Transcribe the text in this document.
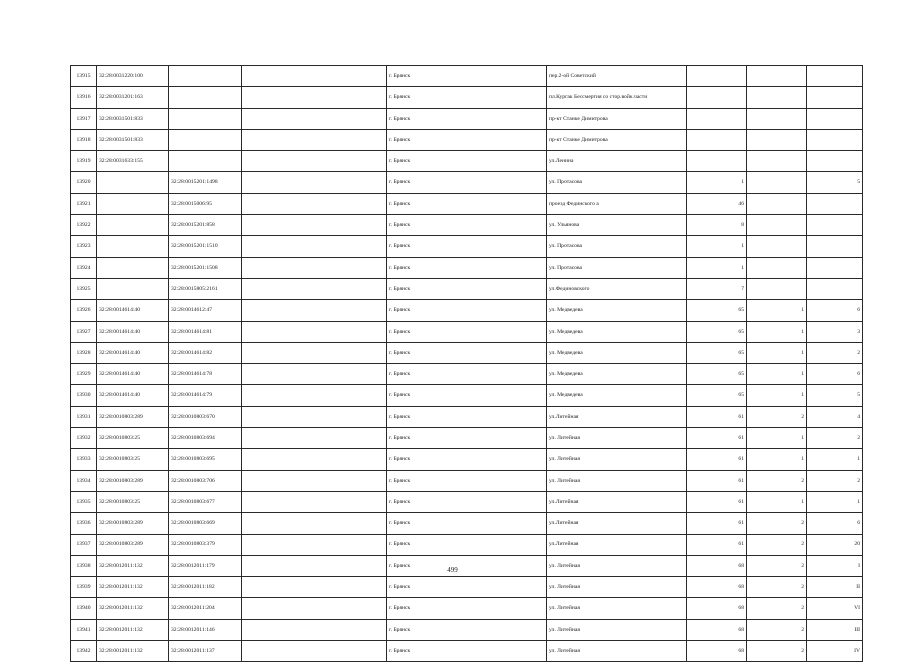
13915	32:28:0031220:100			г. Брянск	пер.2-ой Советский			
13916	32:28:0031201:163			г. Брянск	пл.Кургак Бессмертия со стор.войк.части			
13917	32:28:0031501:833			г. Брянск	пр-кт Станке Димитрова			
13918	32:28:0031501:833			г. Брянск	пр-кт Станке Димитрова			
13919	32:28:0031633:155			г. Брянск	ул.Ленина			
13920		32:28:0015201:1498		г. Брянск	ул. Протасова	1		5
13921		32:28:0015006:95		г. Брянск	проезд Фединского а	46		
13922		32:28:0015201:858		г. Брянск	ул. Ульянова	8		
13923		32:28:0015201:1510		г. Брянск	ул. Протасова	1		
13924		32:28:0015201:1508		г. Брянск	ул. Протасова	1		
13925		32:28:0015805:2161		г. Брянск	ул.Фединовского	7		
13926	32:28:0014614:40	32:28:0014612:47		г. Брянск	ул. Медведева	65	1	6
13927	32:28:0014614:40	32:28:0014614:81		г. Брянск	ул. Медведева	65	1	3
13928	32:28:0014614:40	32:28:0014614:82		г. Брянск	ул. Медведева	65	1	2
13929	32:28:0014614:40	32:28:0014614:78		г. Брянск	ул. Медведева	65	1	6
13930	32:28:0014614:40	32:28:0014614:79		г. Брянск	ул. Медведева	65	1	5
13931	32:28:0010803:289	32:28:0010803:670		г. Брянск	ул.Литейная	61	2	4
13932	32:28:0010803:25	32:28:0010803:694		г. Брянск	ул. Литейная	61	1	2
13933	32:28:0010803:25	32:28:0010803:695		г. Брянск	ул. Литейная	61	1	1
13934	32:28:0010803:289	32:28:0010803:706		г. Брянск	ул. Литейная	61	2	2
13935	32:28:0010803:25	32:28:0010803:677		г. Брянск	ул.Литейная	61	1	1
13936	32:28:0010803:289	32:28:0010803:669		г. Брянск	ул.Литейная	61	2	6
13937	32:28:0010803:289	32:28:0010803:379		г. Брянск	ул.Литейная	61	2	20
13938	32:28:0012011:132	32:28:0012011:179		г. Брянск	ул. Литейная	68	2	I
13939	32:28:0012011:132	32:28:0012011:182		г. Брянск	ул. Литейная	68	2	II
13940	32:28:0012011:132	32:28:0012011:204		г. Брянск	ул. Литейная	68	2	VI
13941	32:28:0012011:132	32:28:0012011:146		г. Брянск	ул. Литейная	68	2	III
13942	32:28:0012011:132	32:28:0012011:137		г. Брянск	ул. Литейная	68	2	IV
499
